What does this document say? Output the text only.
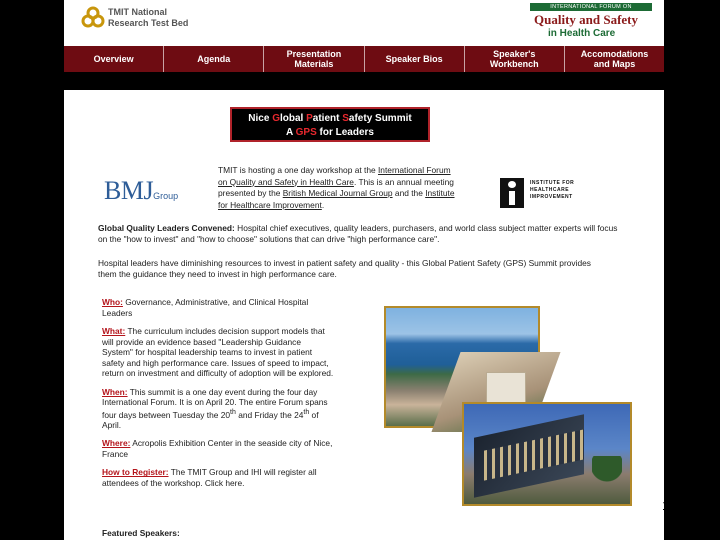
TMIT National
Research Test Bed
INTERNATIONAL FORUM ON
Quality and Safety
in Health Care
Overview	Agenda	Presentation
Materials	Speaker Bios	Speaker's
Workbench
Accomodations
and Maps
Nice Global Patient Safety Summit
A GPS for Leaders
BMJGroup
TMIT is hosting a one day workshop at the International Forum on Quality and Safety in Health Care. This is an annual meeting presented by the British Medical Journal Group and the Institute for Healthcare Improvement.
INSTITUTE FOR
HEALTHCARE
IMPROVEMENT
Global Quality Leaders Convened: Hospital chief executives, quality leaders, purchasers, and world class subject matter experts will focus on the "how to invest" and "how to choose" solutions that can drive "high performance care".
Hospital leaders have diminishing resources to invest in patient safety and quality - this Global Patient Safety (GPS) Summit provides them the guidance they need to invest in high performance care.
Who: Governance, Administrative, and Clinical Hospital Leaders
What: The curriculum includes decision support models that will provide an evidence based "Leadership Guidance System" for hospital leadership teams to invest in patient safety and high performance care. Issues of speed to impact, return on investment and difficulty of adoption will be explored.
When: This summit is a one day event during the four day International Forum. It is on April 20. The entire Forum spans four days between Tuesday the 20th and Friday the 24th of April.
Where: Acropolis Exhibition Center in the seaside city of Nice, France
How to Register: The TMIT Group and IHI will register all attendees of the workshop. Click here.
15
Featured Speakers:
